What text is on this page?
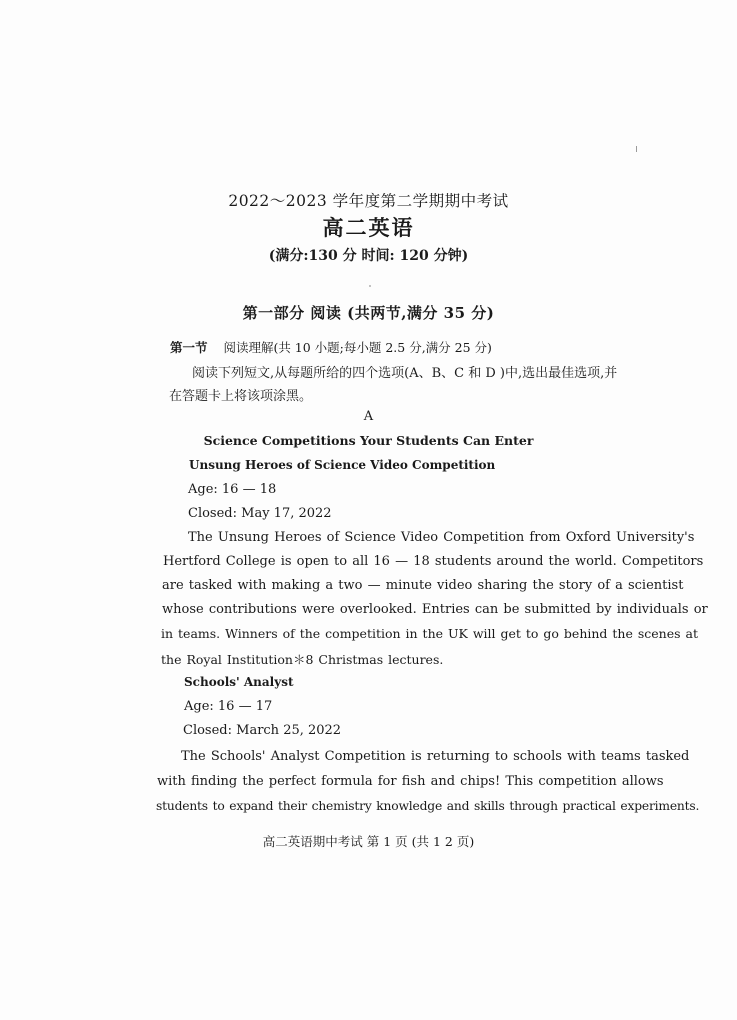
2022～2023 学年度第二学期期中考试
高二英语
(满分:130 分 时间: 120 分钟)
第一部分 阅读 (共两节,满分 35 分)
第一节 阅读理解(共 10 小题;每小题 2.5 分,满分 25 分)
阅读下列短文,从每题所给的四个选项(A、B、C 和 D )中,选出最佳选项,并
在答题卡上将该项涂黑。
A
Science Competitions Your Students Can Enter
Unsung Heroes of Science Video Competition
Age: 16 — 18
Closed: May 17, 2022
The Unsung Heroes of Science Video Competition from Oxford University's
Hertford College is open to all 16 — 18 students around the world. Competitors
are tasked with making a two — minute video sharing the story of a scientist
whose contributions were overlooked. Entries can be submitted by individuals or
in teams. Winners of the competition in the UK will get to go behind the scenes at
the Royal Institution＊8 Christmas lectures.
Schools' Analyst
Age: 16 — 17
Closed: March 25, 2022
The Schools' Analyst Competition is returning to schools with teams tasked
with finding the perfect formula for fish and chips! This competition allows
students to expand their chemistry knowledge and skills through practical experiments.
高二英语期中考试 第 1 页 (共 1 2 页)
